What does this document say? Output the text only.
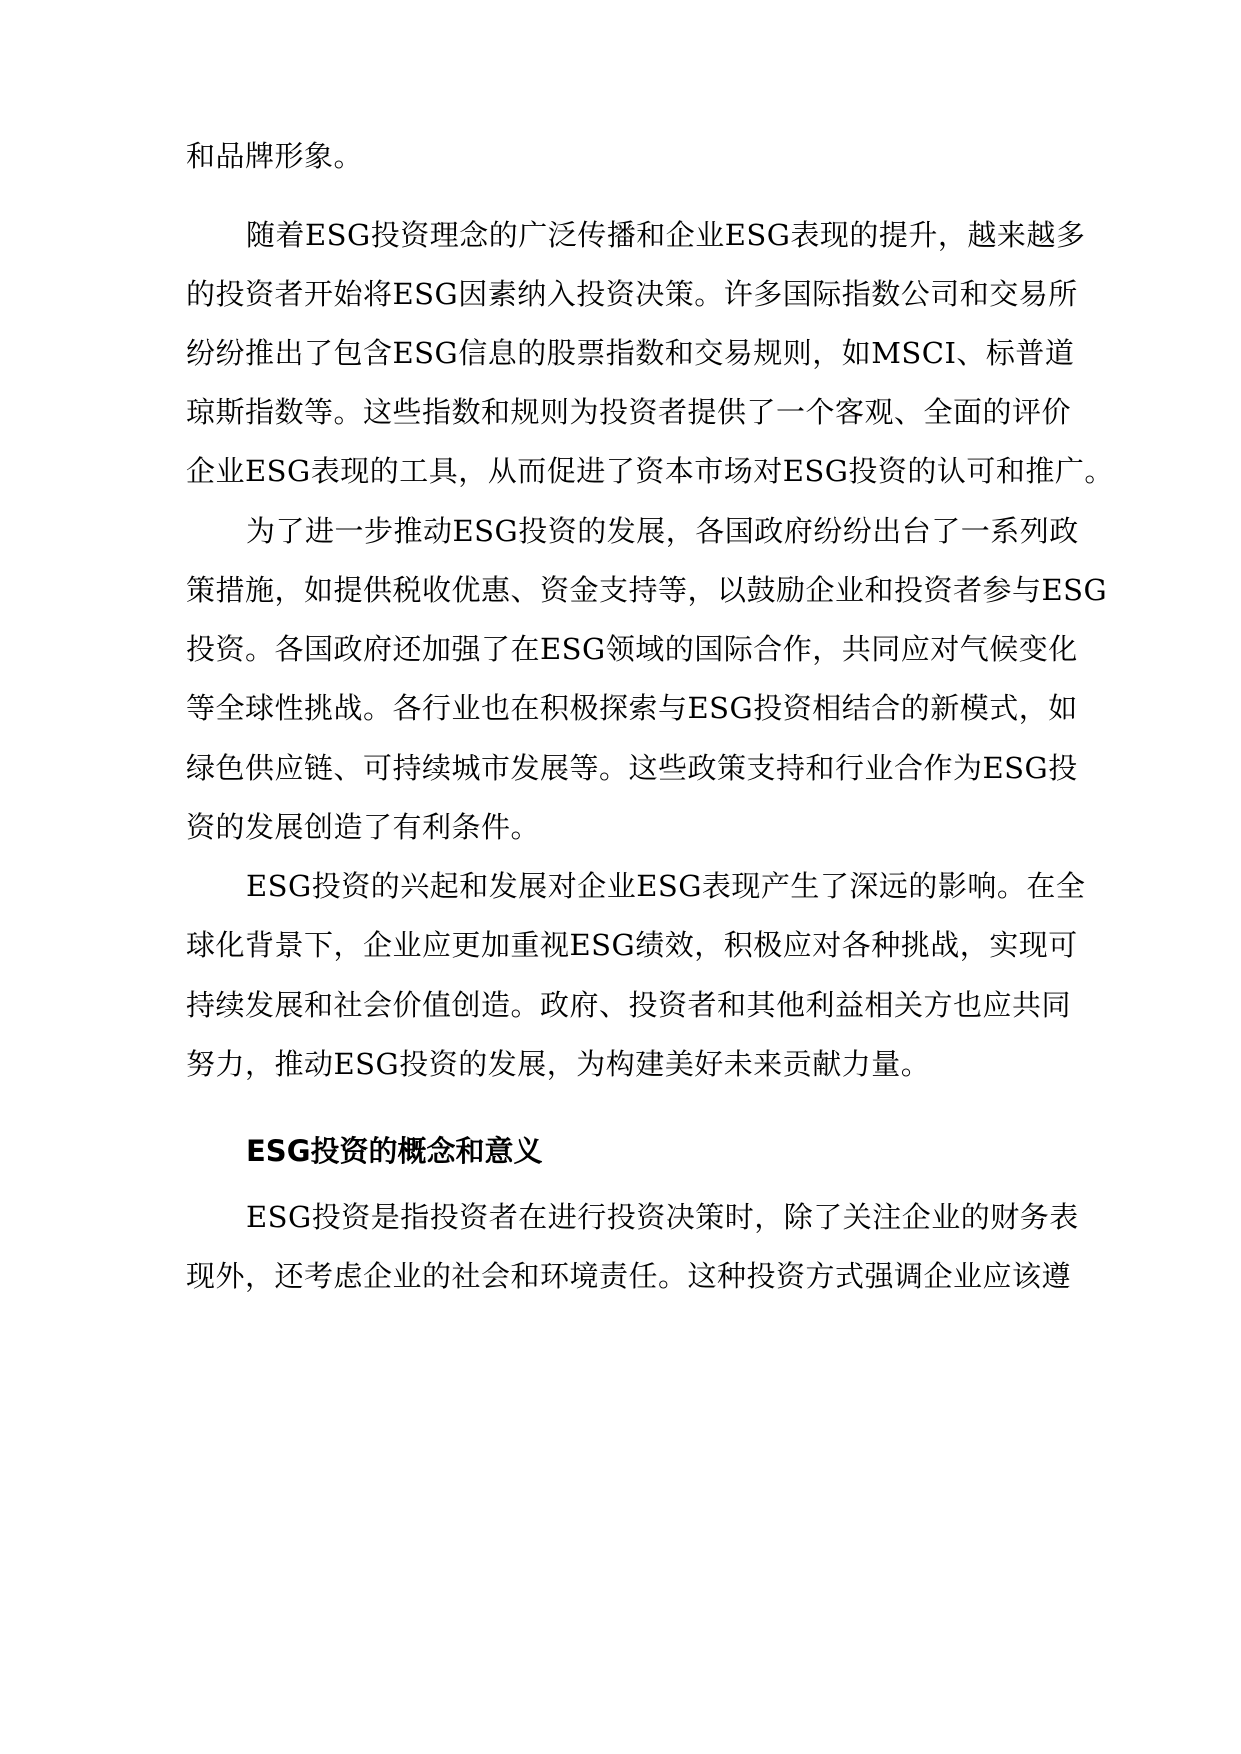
和品牌形象。
随着ESG投资理念的广泛传播和企业ESG表现的提升，越来越多
的投资者开始将ESG因素纳入投资决策。许多国际指数公司和交易所
纷纷推出了包含ESG信息的股票指数和交易规则，如MSCI、标普道
琼斯指数等。这些指数和规则为投资者提供了一个客观、全面的评价
企业ESG表现的工具，从而促进了资本市场对ESG投资的认可和推广。
为了进一步推动ESG投资的发展，各国政府纷纷出台了一系列政
策措施，如提供税收优惠、资金支持等，以鼓励企业和投资者参与ESG
投资。各国政府还加强了在ESG领域的国际合作，共同应对气候变化
等全球性挑战。各行业也在积极探索与ESG投资相结合的新模式，如
绿色供应链、可持续城市发展等。这些政策支持和行业合作为ESG投
资的发展创造了有利条件。
ESG投资的兴起和发展对企业ESG表现产生了深远的影响。在全
球化背景下，企业应更加重视ESG绩效，积极应对各种挑战，实现可
持续发展和社会价值创造。政府、投资者和其他利益相关方也应共同
努力，推动ESG投资的发展，为构建美好未来贡献力量。
ESG投资的概念和意义
ESG投资是指投资者在进行投资决策时，除了关注企业的财务表
现外，还考虑企业的社会和环境责任。这种投资方式强调企业应该遵
